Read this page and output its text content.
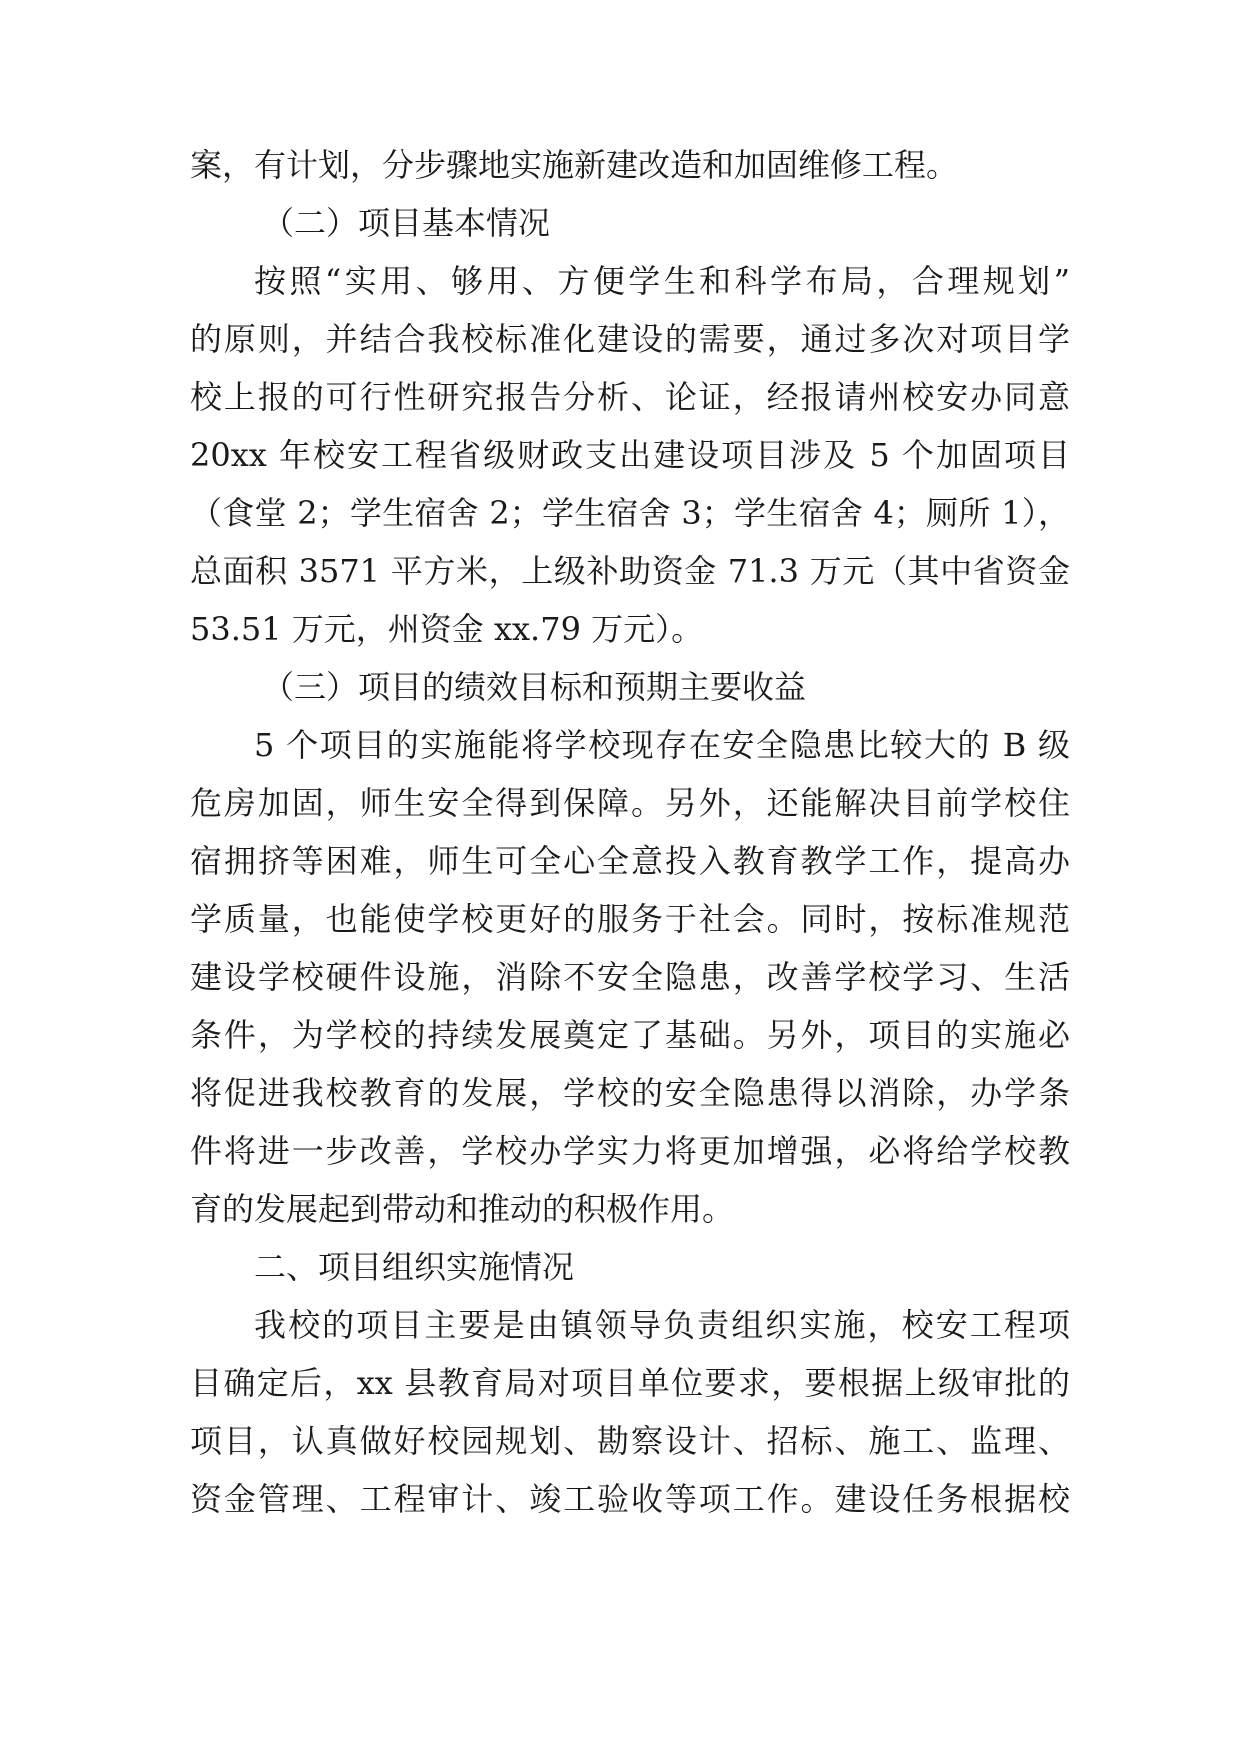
案，有计划，分步骤地实施新建改造和加固维修工程。
（二）项目基本情况
按照“实用、够用、方便学生和科学布局，合理规划”
的原则，并结合我校标准化建设的需要，通过多次对项目学
校上报的可行性研究报告分析、论证，经报请州校安办同意
20xx 年校安工程省级财政支出建设项目涉及 5 个加固项目
（食堂 2；学生宿舍 2；学生宿舍 3；学生宿舍 4；厕所 1），
总面积 3571 平方米，上级补助资金 71.3 万元（其中省资金
53.51 万元，州资金 xx.79 万元）。
（三）项目的绩效目标和预期主要收益
5 个项目的实施能将学校现存在安全隐患比较大的 B 级
危房加固，师生安全得到保障。另外，还能解决目前学校住
宿拥挤等困难，师生可全心全意投入教育教学工作，提高办
学质量，也能使学校更好的服务于社会。同时，按标准规范
建设学校硬件设施，消除不安全隐患，改善学校学习、生活
条件，为学校的持续发展奠定了基础。另外，项目的实施必
将促进我校教育的发展，学校的安全隐患得以消除，办学条
件将进一步改善，学校办学实力将更加增强，必将给学校教
育的发展起到带动和推动的积极作用。
二、项目组织实施情况
我校的项目主要是由镇领导负责组织实施，校安工程项
目确定后，xx 县教育局对项目单位要求，要根据上级审批的
项目，认真做好校园规划、勘察设计、招标、施工、监理、
资金管理、工程审计、竣工验收等项工作。建设任务根据校
